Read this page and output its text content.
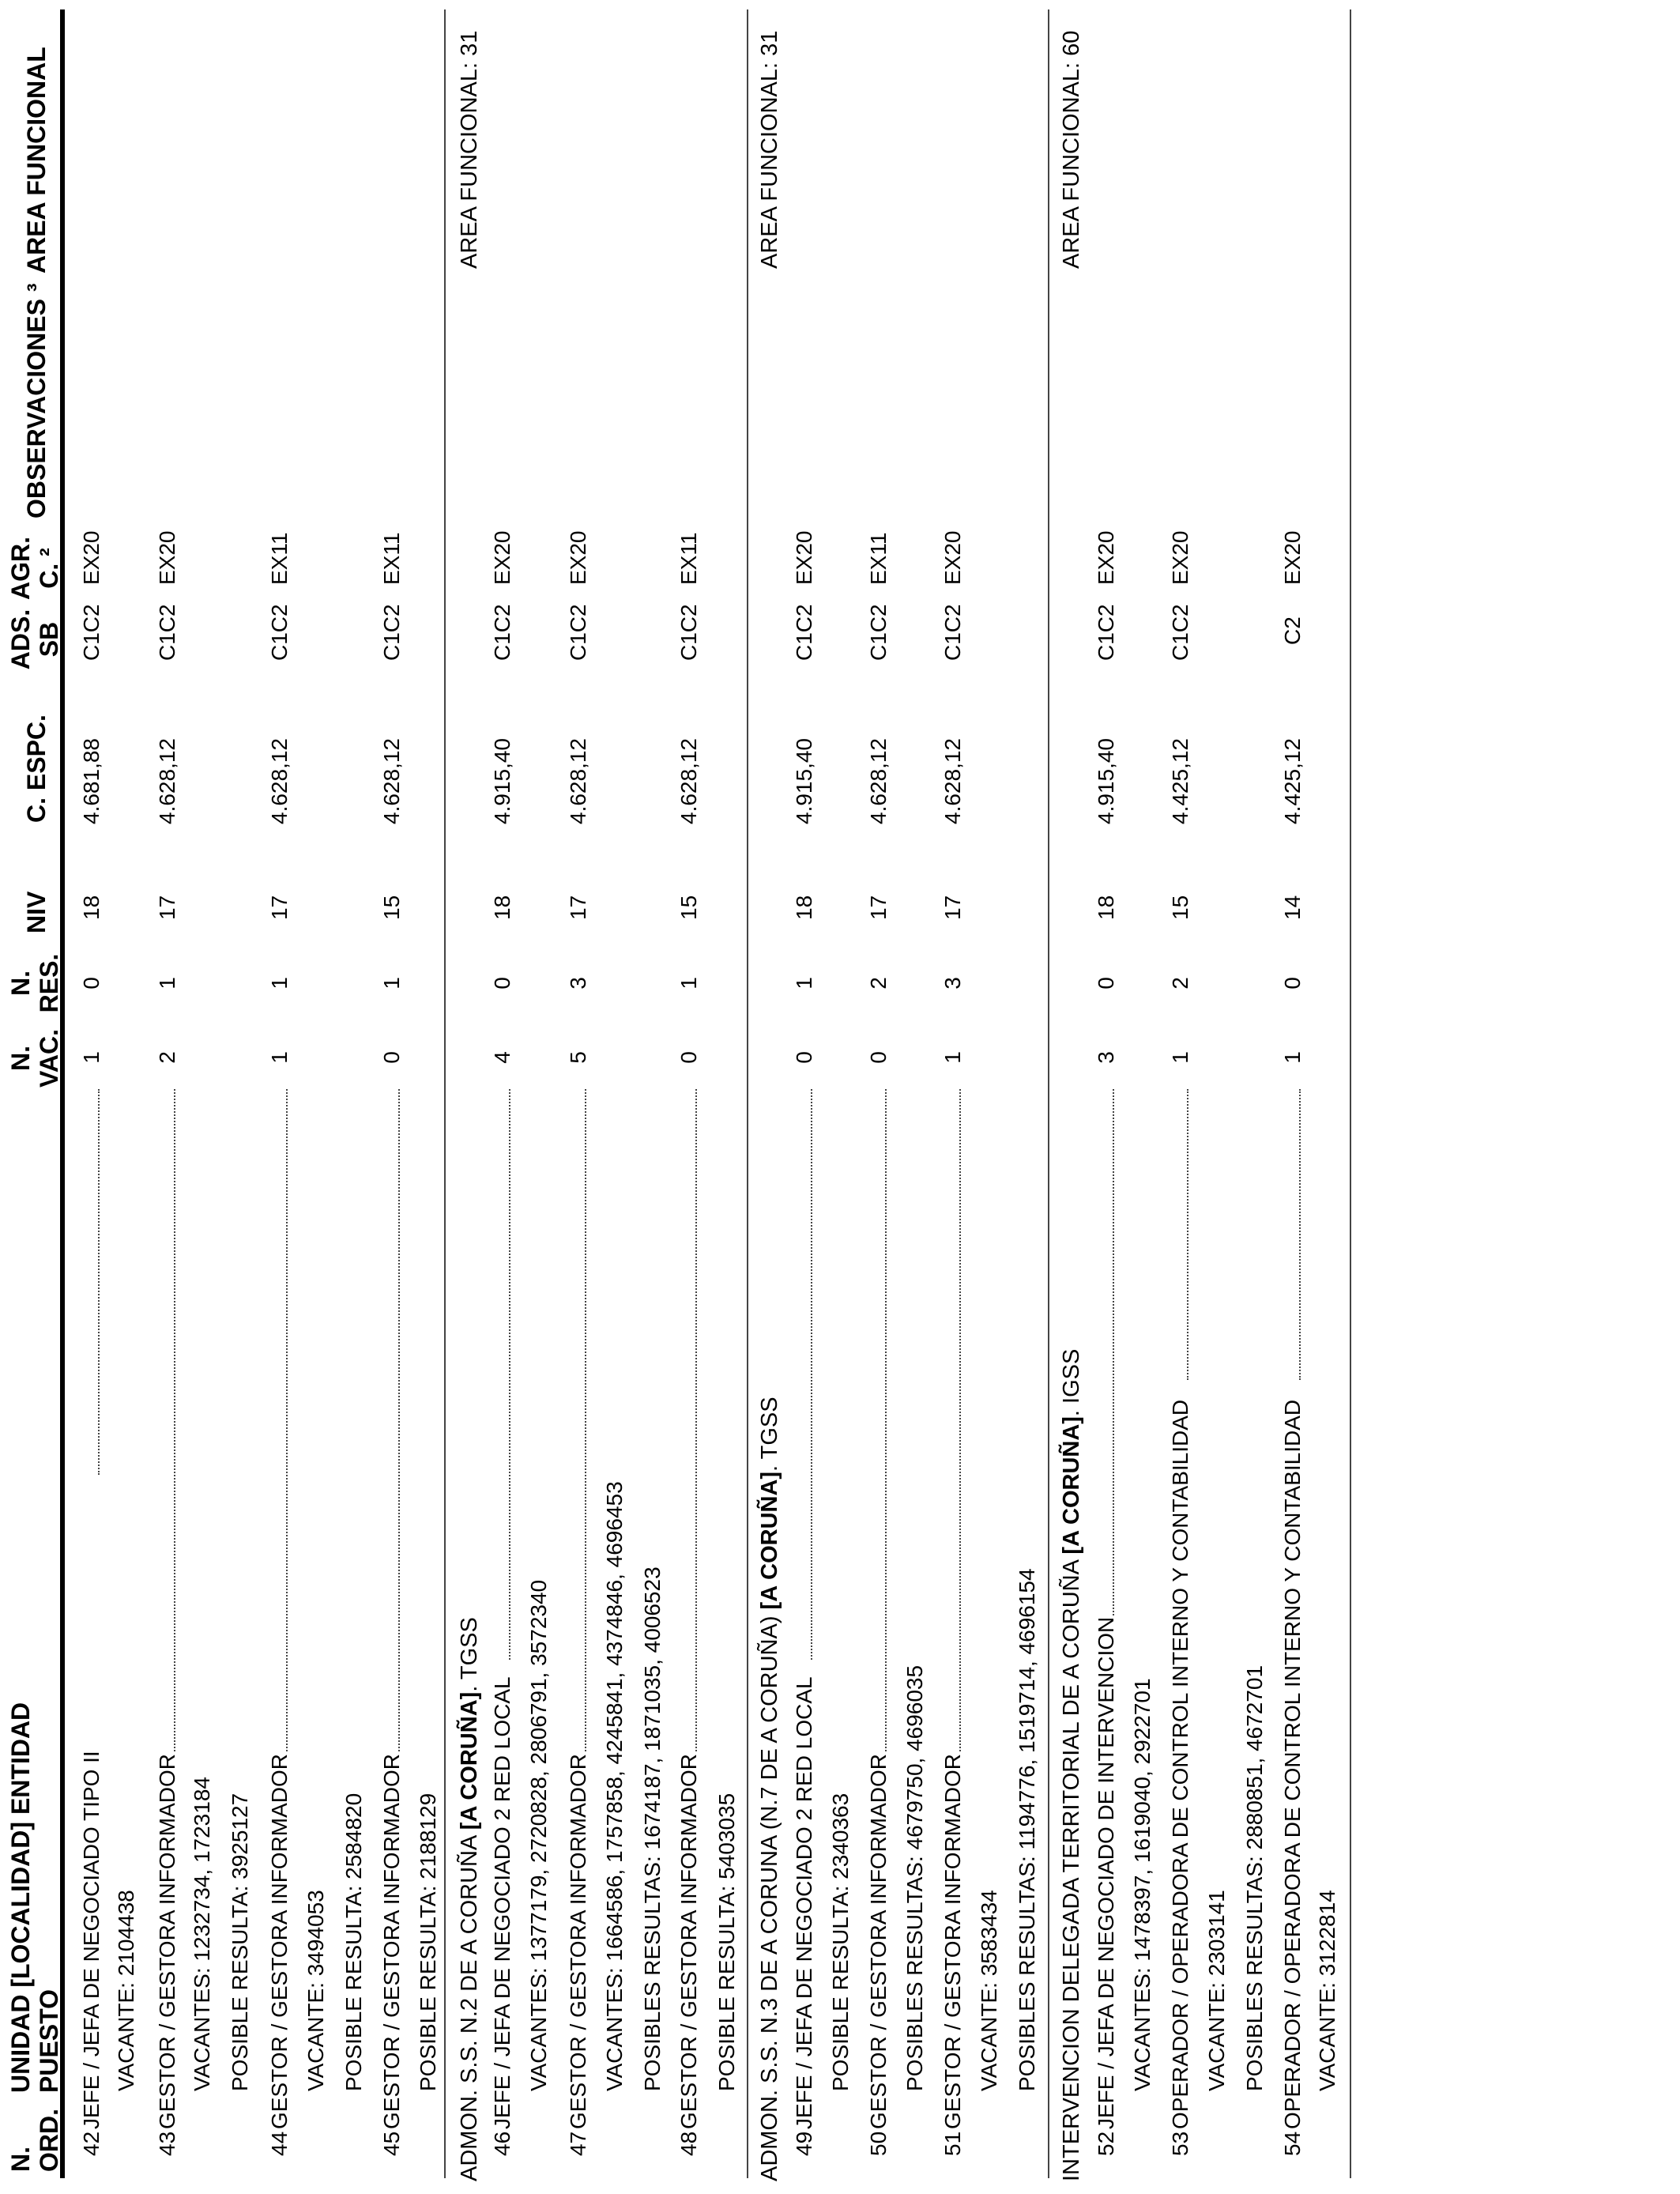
N. ORD.
UNIDAD [LOCALIDAD] ENTIDAD PUESTO
N. VAC.
N. RES.
NIV
C. ESPC.
ADS. SB
AGR. C. ²
OBSERVACIONES ³
AREA FUNCIONAL
42
JEFE / JEFA DE NEGOCIADO TIPO II
1
0
18
4.681,88
C1C2
EX20
VACANTE: 2104438
43
GESTOR / GESTORA INFORMADOR
2
1
17
4.628,12
C1C2
EX20
VACANTES: 1232734, 1723184 POSIBLE RESULTA: 3925127
44
GESTOR / GESTORA INFORMADOR
1
1
17
4.628,12
C1C2
EX11
VACANTE: 3494053 POSIBLE RESULTA: 2584820
45
GESTOR / GESTORA INFORMADOR
0
1
15
4.628,12
C1C2
EX11
POSIBLE RESULTA: 2188129 ADMON. S.S. N.2 DE A CORUÑA [A CORUÑA]. TGSS
AREA FUNCIONAL: 31
46
JEFE / JEFA DE NEGOCIADO 2 RED LOCAL
4
0
18
4.915,40
C1C2
EX20
VACANTES: 1377179, 2720828, 2806791, 3572340
47
GESTOR / GESTORA INFORMADOR
5
3
17
4.628,12
C1C2
EX20
VACANTES: 1664586, 1757858, 4245841, 4374846, 4696453 POSIBLES RESULTAS: 1674187, 1871035, 4006523
48
GESTOR / GESTORA INFORMADOR
0
1
15
4.628,12
C1C2
EX11
POSIBLE RESULTA: 5403035 ADMON. S.S. N.3 DE A CORUNA (N.7 DE A CORUÑA) [A CORUÑA]. TGSS
AREA FUNCIONAL: 31
49
JEFE / JEFA DE NEGOCIADO 2 RED LOCAL
0
1
18
4.915,40
C1C2
EX20
POSIBLE RESULTA: 2340363
50
GESTOR / GESTORA INFORMADOR
0
2
17
4.628,12
C1C2
EX11
POSIBLES RESULTAS: 4679750, 4696035
51
GESTOR / GESTORA INFORMADOR
1
3
17
4.628,12
C1C2
EX20
VACANTE: 3583434 POSIBLES RESULTAS: 1194776, 1519714, 4696154 INTERVENCION DELEGADA TERRITORIAL DE A CORUÑA [A CORUÑA]. IGSS
AREA FUNCIONAL: 60
52
JEFE / JEFA DE NEGOCIADO DE INTERVENCION
3
0
18
4.915,40
C1C2
EX20
VACANTES: 1478397, 1619040, 2922701
53
OPERADOR / OPERADORA DE CONTROL INTERNO Y CONTABILIDAD
1
2
15
4.425,12
C1C2
EX20
VACANTE: 2303141 POSIBLES RESULTAS: 2880851, 4672701
54
OPERADOR / OPERADORA DE CONTROL INTERNO Y CONTABILIDAD
1
0
14
4.425,12
C2
EX20
VACANTE: 3122814
